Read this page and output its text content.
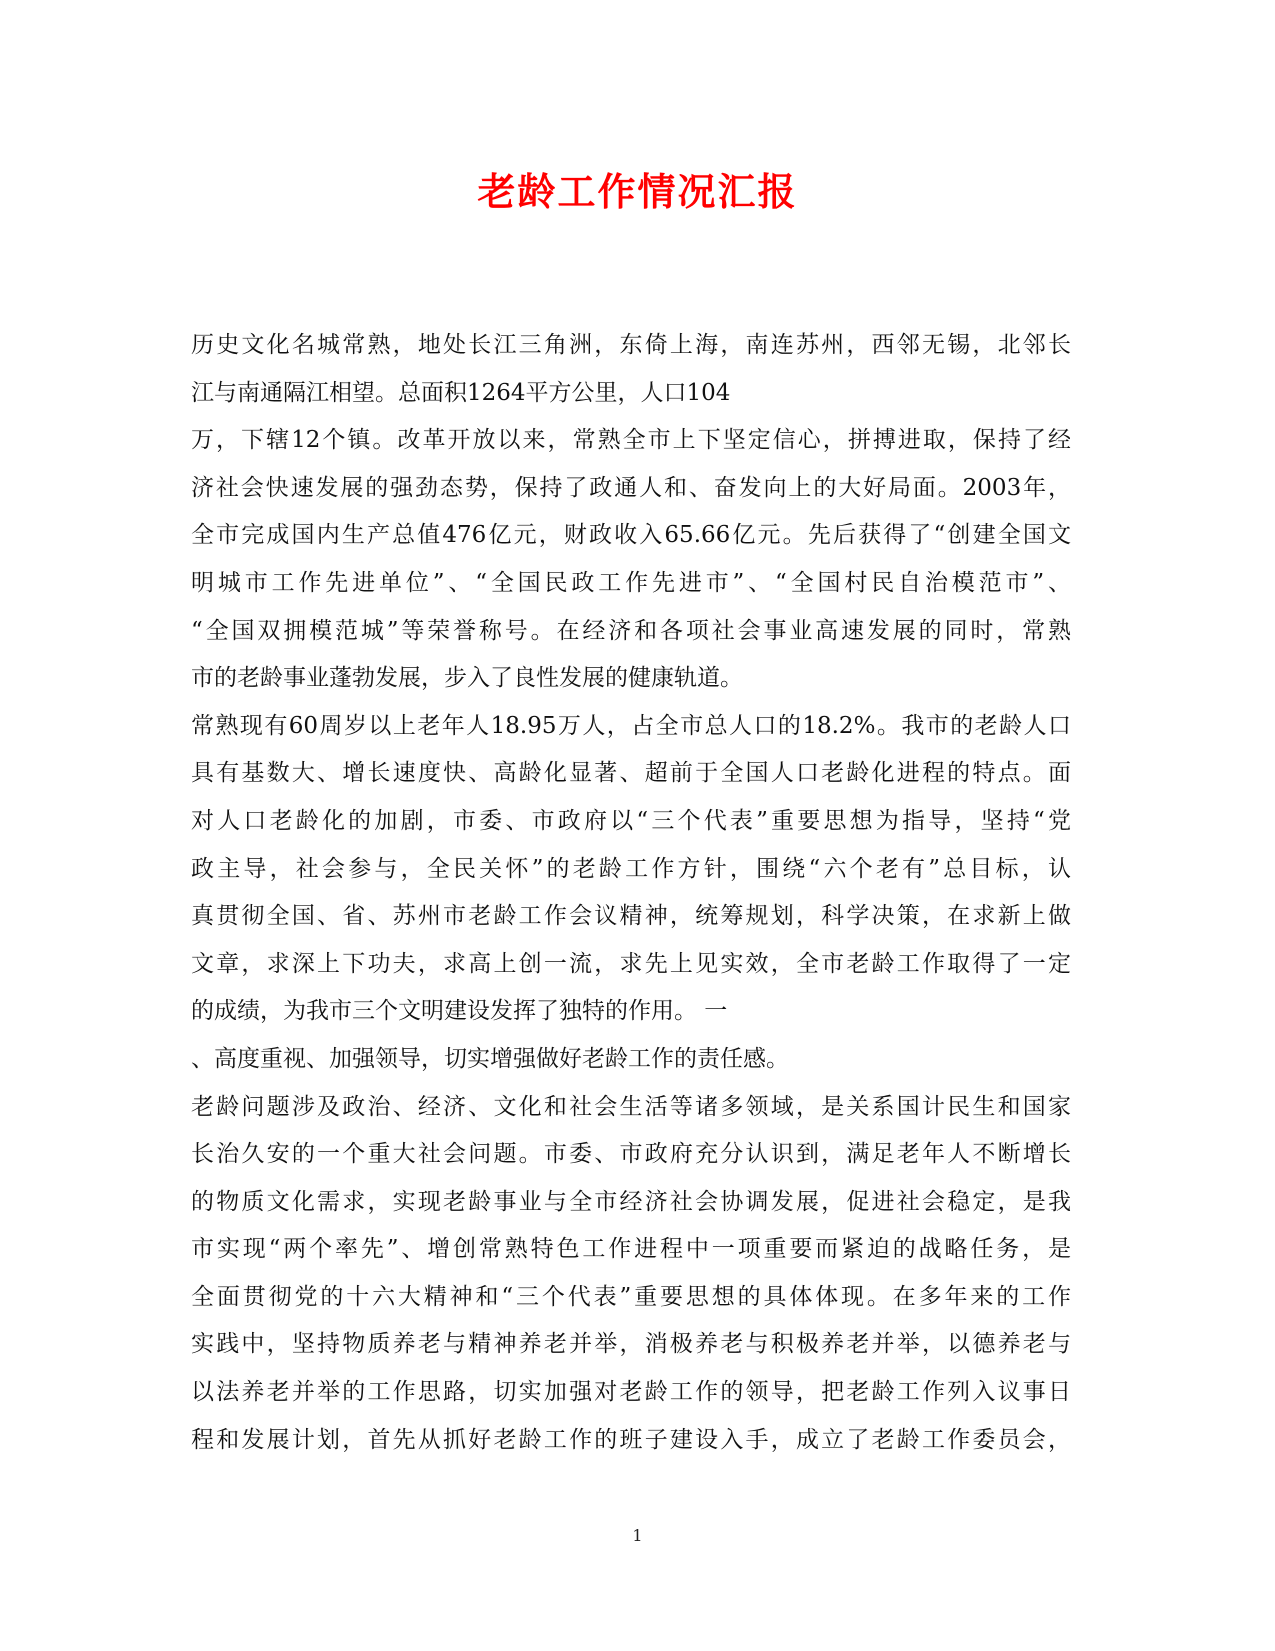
老龄工作情况汇报
历史文化名城常熟，地处长江三角洲，东倚上海，南连苏州，西邻无锡，北邻长
江与南通隔江相望。总面积1264平方公里，人口104
万，下辖12个镇。改革开放以来，常熟全市上下坚定信心，拼搏进取，保持了经
济社会快速发展的强劲态势，保持了政通人和、奋发向上的大好局面。2003年，
全市完成国内生产总值476亿元，财政收入65.66亿元。先后获得了“创建全国文
明城市工作先进单位”、“全国民政工作先进市”、“全国村民自治模范市”、
“全国双拥模范城”等荣誉称号。在经济和各项社会事业高速发展的同时，常熟
市的老龄事业蓬勃发展，步入了良性发展的健康轨道。
常熟现有60周岁以上老年人18.95万人，占全市总人口的18.2%。我市的老龄人口
具有基数大、增长速度快、高龄化显著、超前于全国人口老龄化进程的特点。面
对人口老龄化的加剧，市委、市政府以“三个代表”重要思想为指导，坚持“党
政主导，社会参与，全民关怀”的老龄工作方针，围绕“六个老有”总目标，认
真贯彻全国、省、苏州市老龄工作会议精神，统筹规划，科学决策，在求新上做
文章，求深上下功夫，求高上创一流，求先上见实效，全市老龄工作取得了一定
的成绩，为我市三个文明建设发挥了独特的作用。 一
、高度重视、加强领导，切实增强做好老龄工作的责任感。
老龄问题涉及政治、经济、文化和社会生活等诸多领域，是关系国计民生和国家
长治久安的一个重大社会问题。市委、市政府充分认识到，满足老年人不断增长
的物质文化需求，实现老龄事业与全市经济社会协调发展，促进社会稳定，是我
市实现“两个率先”、增创常熟特色工作进程中一项重要而紧迫的战略任务，是
全面贯彻党的十六大精神和“三个代表”重要思想的具体体现。在多年来的工作
实践中，坚持物质养老与精神养老并举，消极养老与积极养老并举，以德养老与
以法养老并举的工作思路，切实加强对老龄工作的领导，把老龄工作列入议事日
程和发展计划，首先从抓好老龄工作的班子建设入手，成立了老龄工作委员会，
1
